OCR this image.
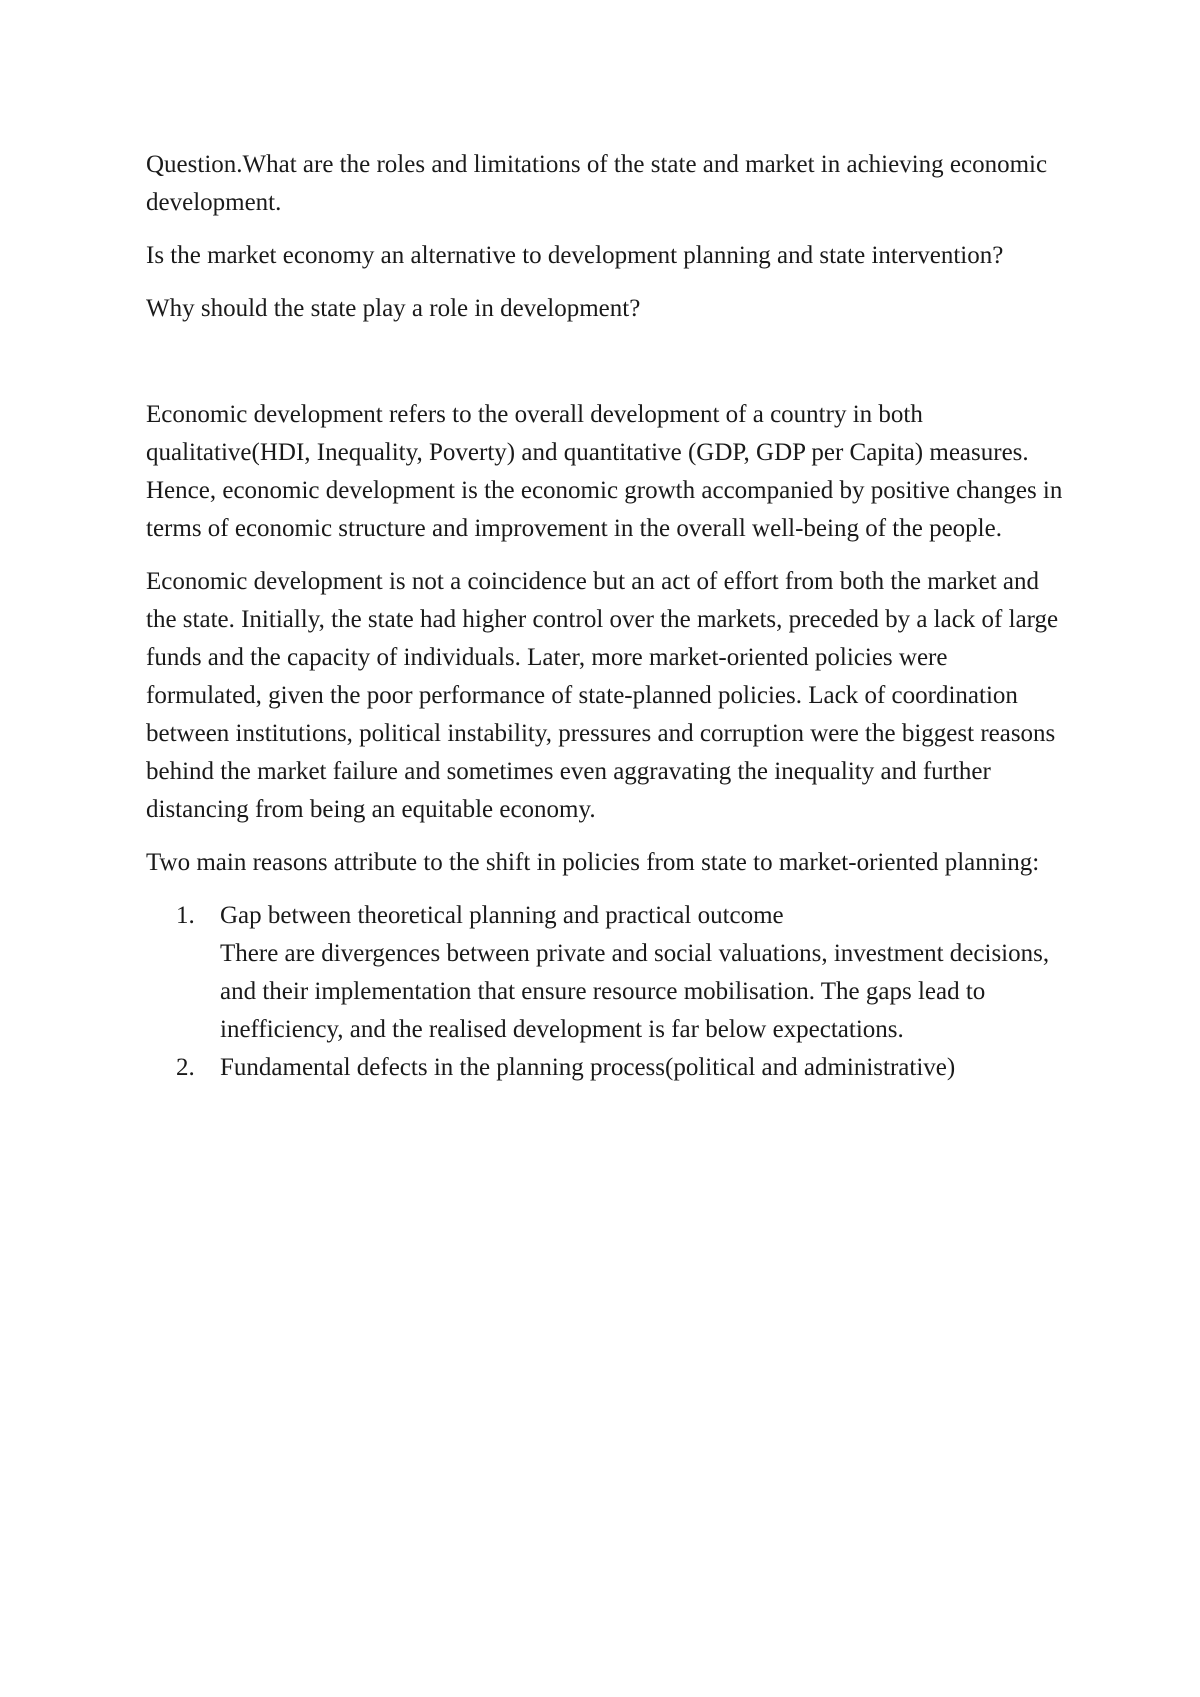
Question.What are the roles and limitations of the state and market in achieving economic development.

Is the market economy an alternative to development planning and state intervention?

Why should the state play a role in development?

Economic development refers to the overall development of a country in both qualitative(HDI, Inequality, Poverty) and quantitative (GDP, GDP per Capita) measures. Hence, economic development is the economic growth accompanied by positive changes in terms of economic structure and improvement in the overall well-being of the people.

Economic development is not a coincidence but an act of effort from both the market and the state. Initially, the state had higher control over the markets, preceded by a lack of large funds and the capacity of individuals. Later, more market-oriented policies were formulated, given the poor performance of state-planned policies. Lack of coordination between institutions, political instability, pressures and corruption were the biggest reasons behind the market failure and sometimes even aggravating the inequality and further distancing from being an equitable economy.

Two main reasons attribute to the shift in policies from state to market-oriented planning:

1. Gap between theoretical planning and practical outcome
There are divergences between private and social valuations, investment decisions, and their implementation that ensure resource mobilisation. The gaps lead to inefficiency, and the realised development is far below expectations.
2. Fundamental defects in the planning process(political and administrative)
